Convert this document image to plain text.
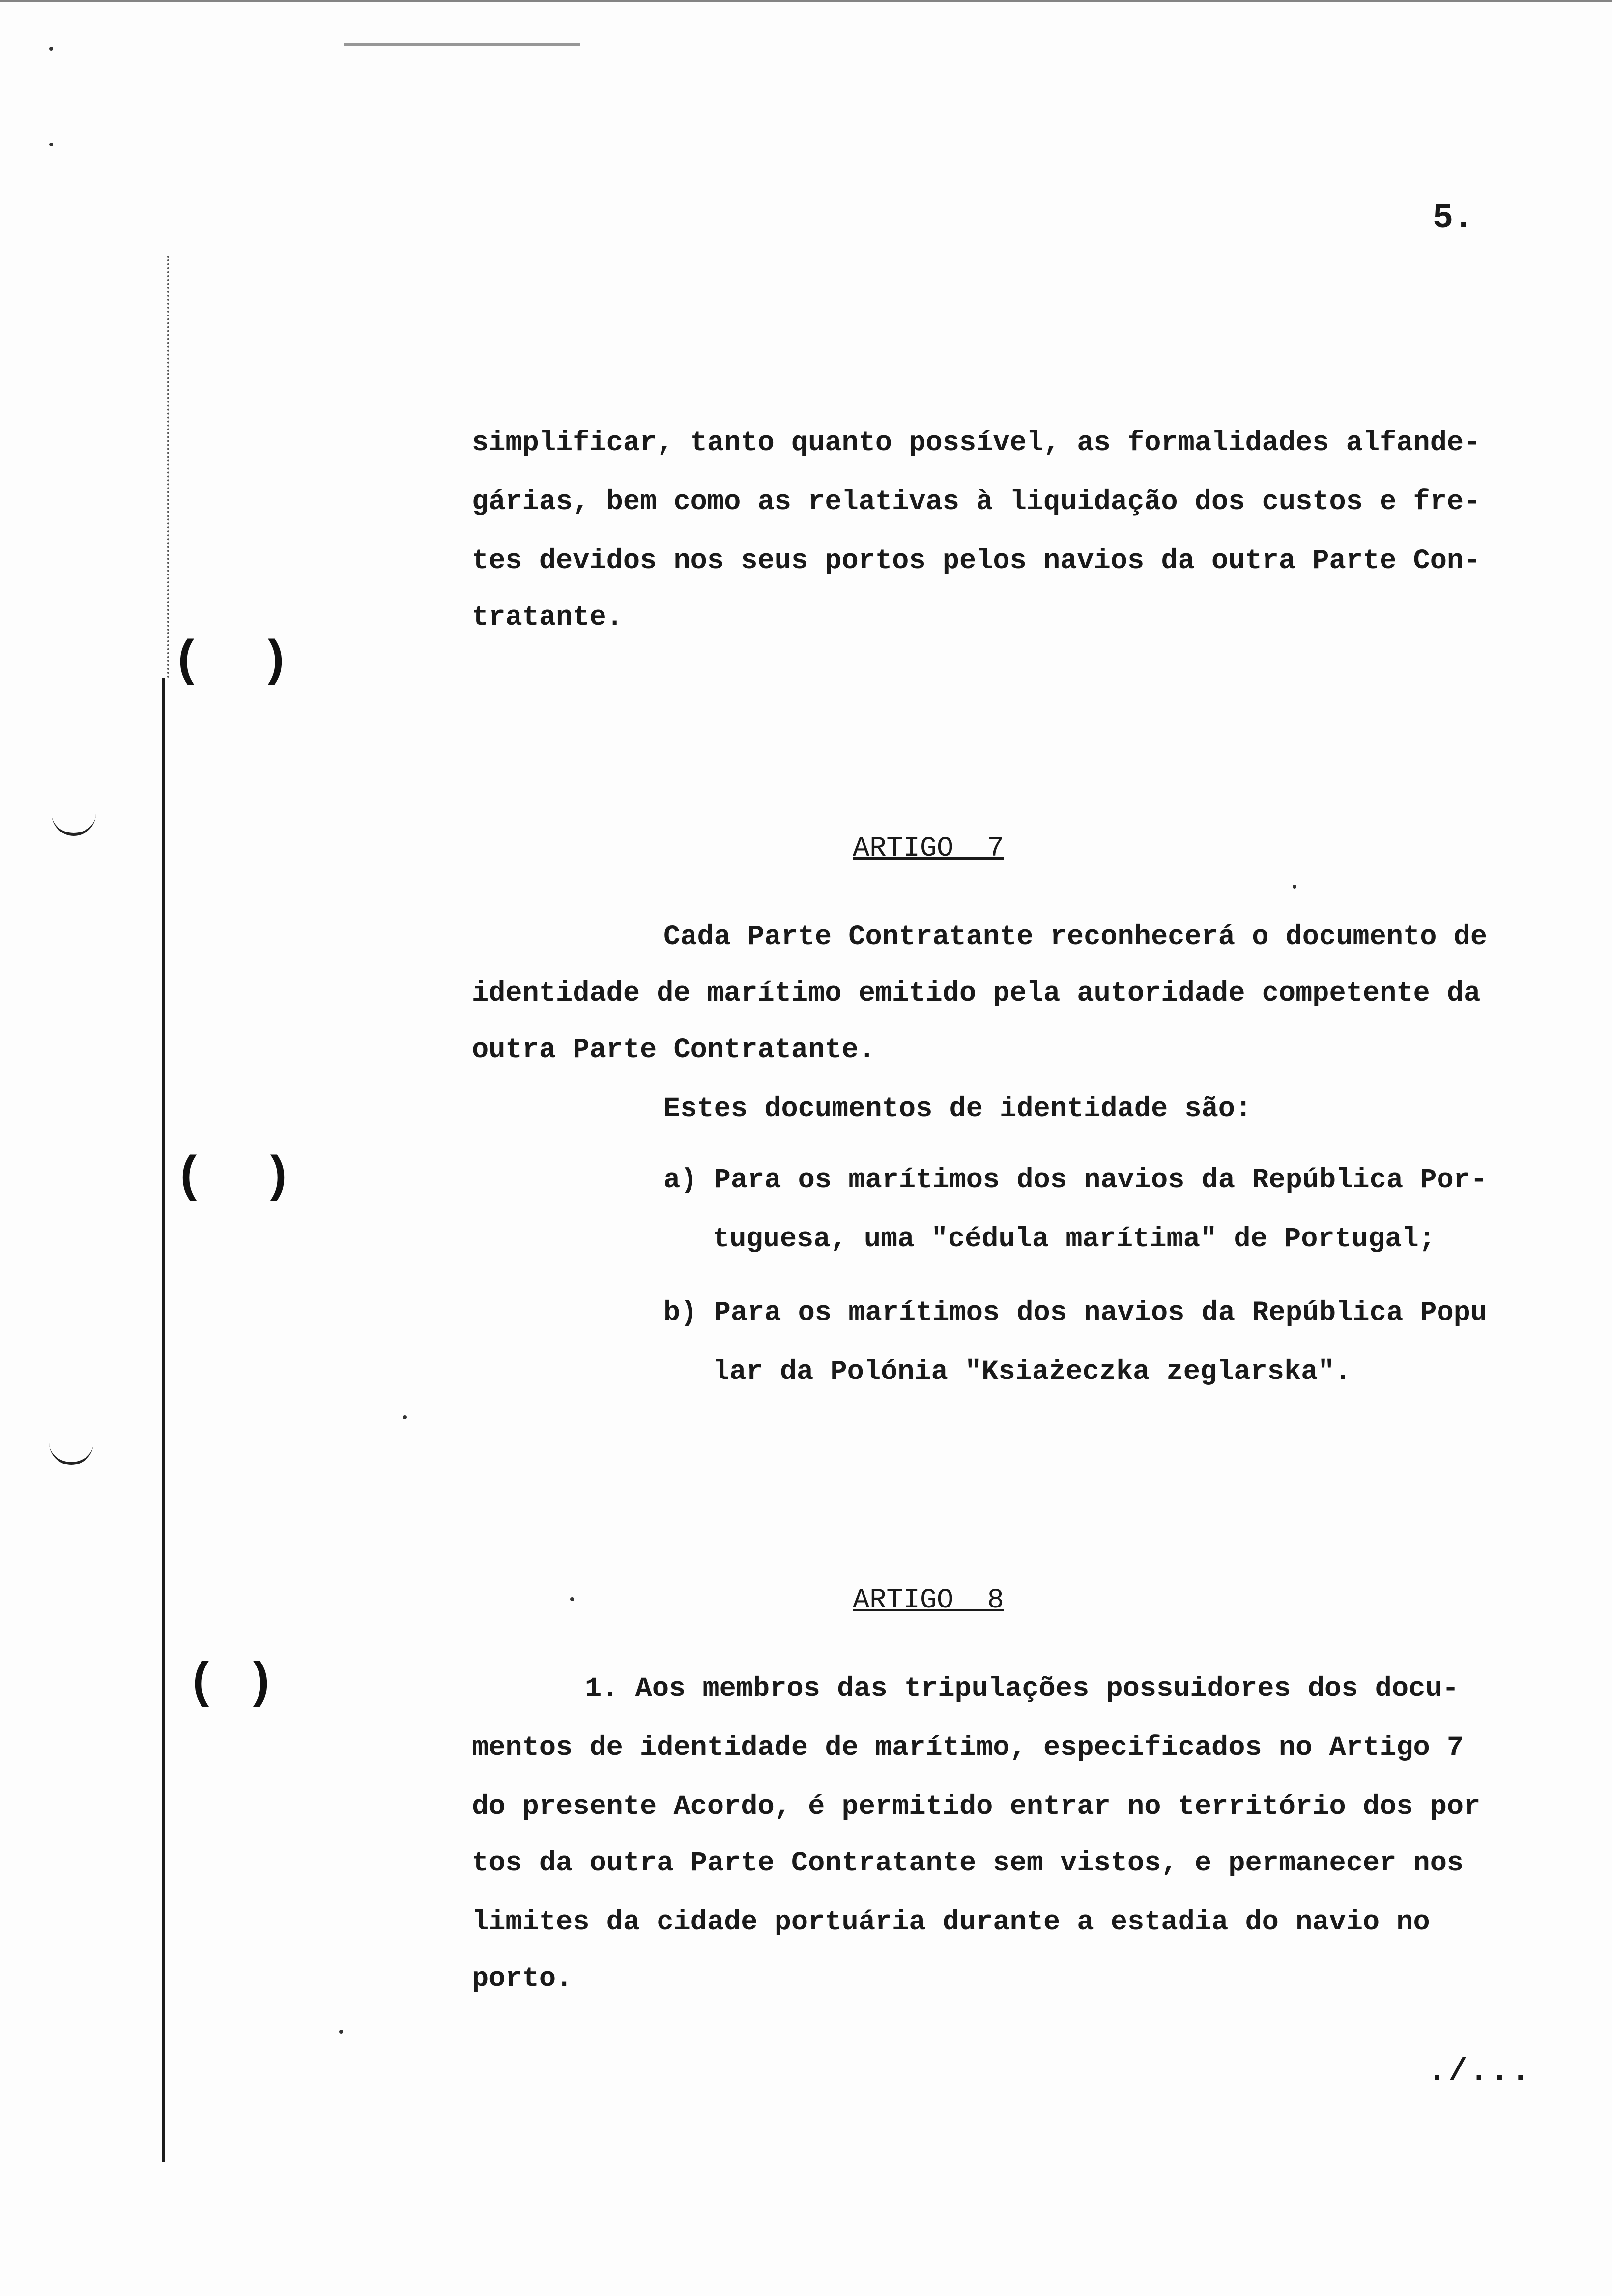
(  )
(  )
( )
5.
simplificar, tanto quanto possível, as formalidades alfande-
gárias, bem como as relativas à liquidação dos custos e fre-
tes devidos nos seus portos pelos navios da outra Parte Con-
tratante.
ARTIGO  7
Cada Parte Contratante reconhecerá o documento de
identidade de marítimo emitido pela autoridade competente da
outra Parte Contratante.
Estes documentos de identidade são:
a) Para os marítimos dos navios da República Por-
tuguesa, uma "cédula marítima" de Portugal;
b) Para os marítimos dos navios da República Popu
lar da Polónia "Ksiażeczka zeglarska".
ARTIGO  8
1. Aos membros das tripulações possuidores dos docu-
mentos de identidade de marítimo, especificados no Artigo 7
do presente Acordo, é permitido entrar no território dos por
tos da outra Parte Contratante sem vistos, e permanecer nos
limites da cidade portuária durante a estadia do navio no
porto.
./...
